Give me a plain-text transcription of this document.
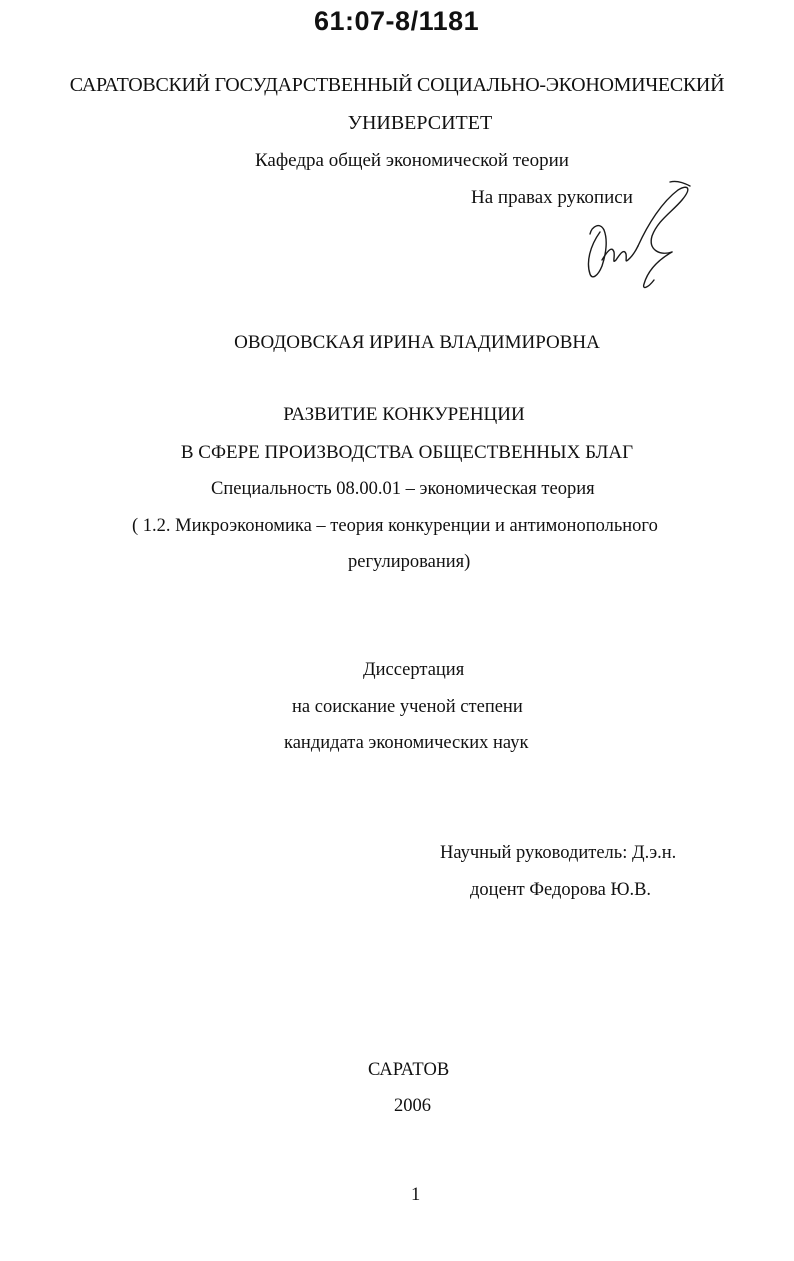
61:07-8/1181
САРАТОВСКИЙ ГОСУДАРСТВЕННЫЙ СОЦИАЛЬНО-ЭКОНОМИЧЕСКИЙ
УНИВЕРСИТЕТ
Кафедра общей экономической теории
На правах рукописи
ОВОДОВСКАЯ ИРИНА ВЛАДИМИРОВНА
РАЗВИТИЕ КОНКУРЕНЦИИ
В СФЕРЕ ПРОИЗВОДСТВА ОБЩЕСТВЕННЫХ БЛАГ
Специальность 08.00.01 – экономическая теория
( 1.2. Микроэкономика – теория конкуренции и антимонопольного
регулирования)
Диссертация
на соискание ученой степени
кандидата экономических наук
Научный руководитель: Д.э.н.
доцент Федорова Ю.В.
САРАТОВ
2006
1
